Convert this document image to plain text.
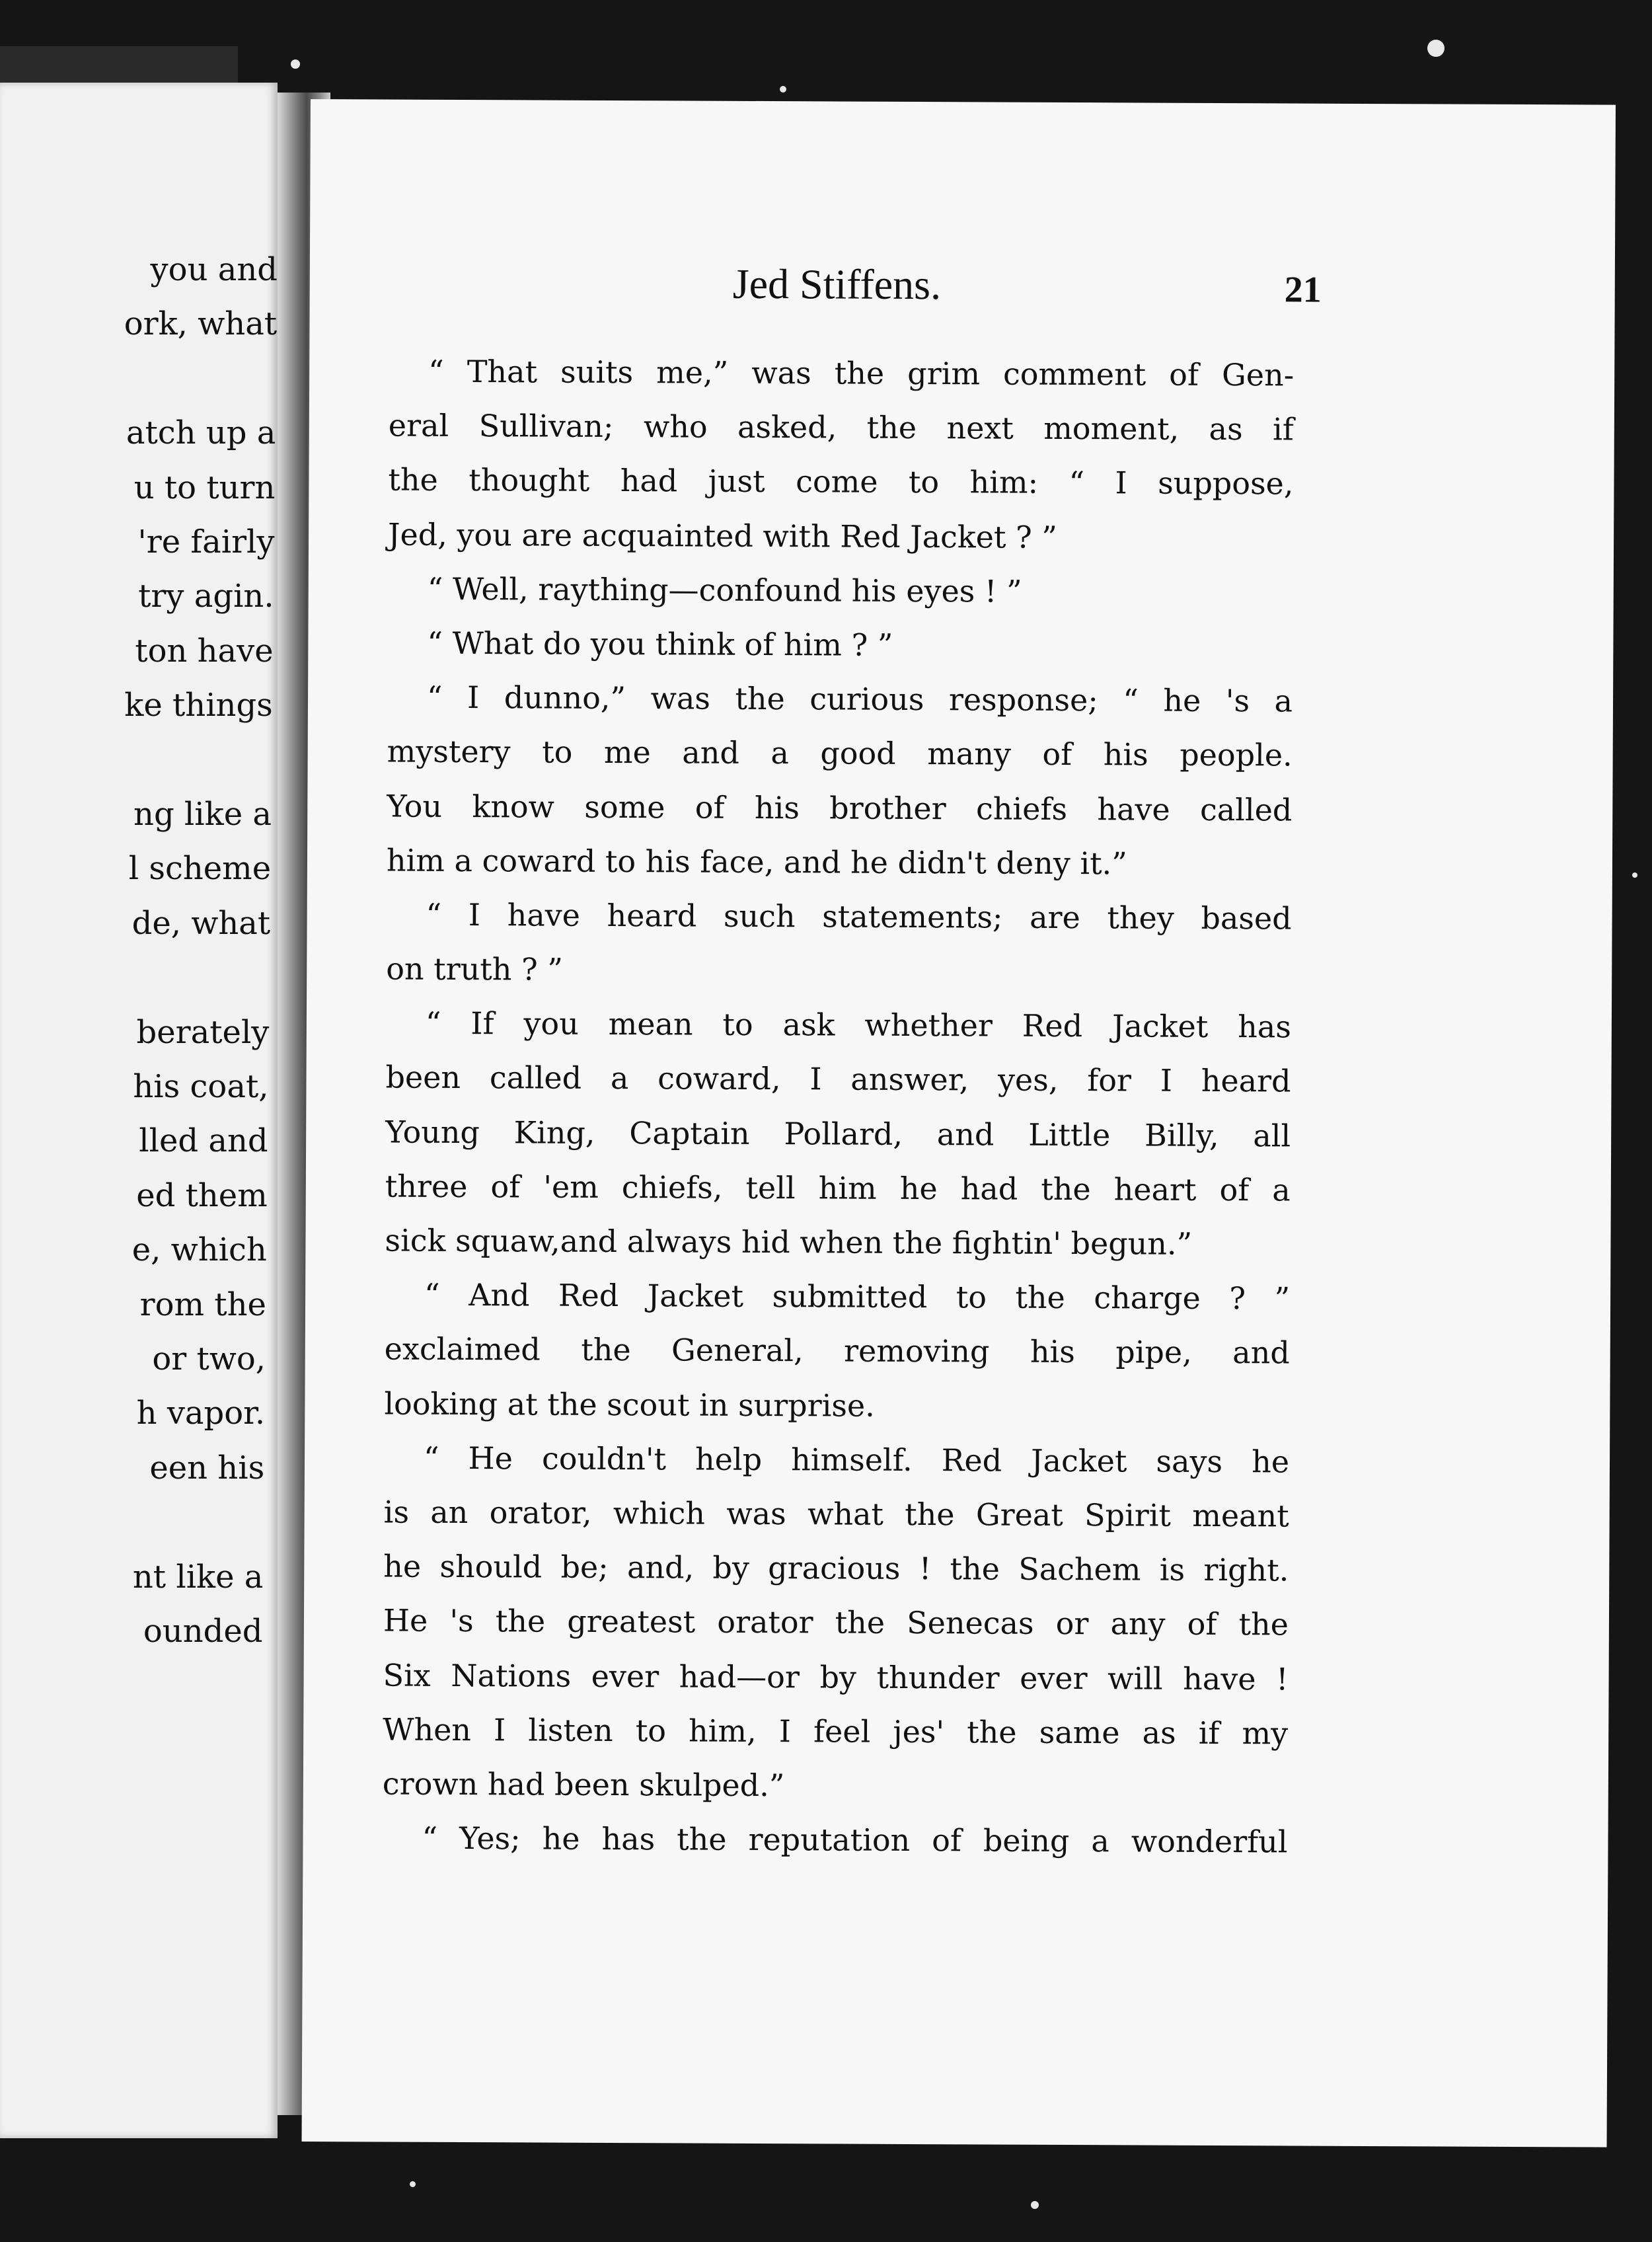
you and
ork, what
atch up a
u to turn
're fairly
try agin.
ton have
ke things
ng like a
l scheme
de, what
berately
his coat,
lled and
ed them
e, which
rom the
or two,
h vapor.
een his
nt like a
ounded
Jed Stiffens.	21
“ That suits me,” was the grim comment of Gen-
eral Sullivan; who asked, the next moment, as if
the thought had just come to him: “ I suppose,
Jed, you are acquainted with Red Jacket ? ”
“ Well, raything—confound his eyes ! ”
“ What do you think of him ? ”
“ I dunno,” was the curious response; “ he 's a
mystery to me and a good many of his people.
You know some of his brother chiefs have called
him a coward to his face, and he didn't deny it.”
“ I have heard such statements; are they based
on truth ? ”
“ If you mean to ask whether Red Jacket has
been called a coward, I answer, yes, for I heard
Young King, Captain Pollard, and Little Billy, all
three of 'em chiefs, tell him he had the heart of a
sick squaw,and always hid when the fightin' begun.”
“ And Red Jacket submitted to the charge ? ”
exclaimed the General, removing his pipe, and
looking at the scout in surprise.
“ He couldn't help himself. Red Jacket says he
is an orator, which was what the Great Spirit meant
he should be; and, by gracious ! the Sachem is right.
He 's the greatest orator the Senecas or any of the
Six Nations ever had—or by thunder ever will have !
When I listen to him, I feel jes' the same as if my
crown had been skulped.”
“ Yes; he has the reputation of being a wonderful
